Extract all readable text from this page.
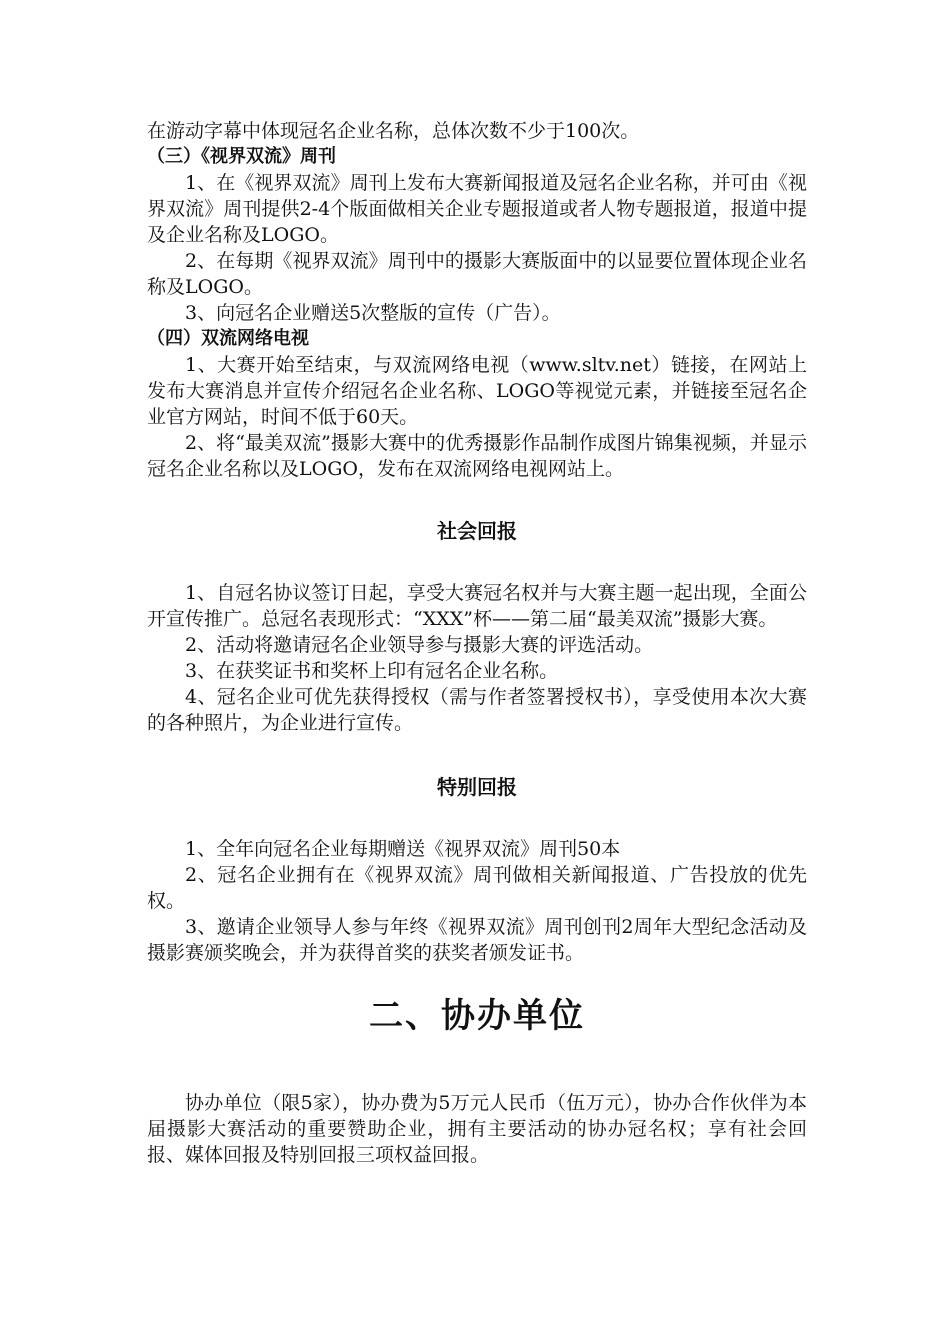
在游动字幕中体现冠名企业名称，总体次数不少于100次。

（三）《视界双流》周刊

1、在《视界双流》周刊上发布大赛新闻报道及冠名企业名称，并可由《视界双流》周刊提供2-4个版面做相关企业专题报道或者人物专题报道，报道中提及企业名称及LOGO。

2、在每期《视界双流》周刊中的摄影大赛版面中的以显要位置体现企业名称及LOGO。

3、向冠名企业赠送5次整版的宣传（广告）。

（四）双流网络电视

1、大赛开始至结束，与双流网络电视（www.sltv.net）链接，在网站上发布大赛消息并宣传介绍冠名企业名称、LOGO等视觉元素，并链接至冠名企业官方网站，时间不低于60天。

2、将“最美双流”摄影大赛中的优秀摄影作品制作成图片锦集视频，并显示冠名企业名称以及LOGO，发布在双流网络电视网站上。

社会回报

1、自冠名协议签订日起，享受大赛冠名权并与大赛主题一起出现，全面公开宣传推广。总冠名表现形式：“XXX”杯——第二届“最美双流”摄影大赛。

2、活动将邀请冠名企业领导参与摄影大赛的评选活动。

3、在获奖证书和奖杯上印有冠名企业名称。

4、冠名企业可优先获得授权（需与作者签署授权书），享受使用本次大赛的各种照片，为企业进行宣传。

特别回报

1、全年向冠名企业每期赠送《视界双流》周刊50本

2、冠名企业拥有在《视界双流》周刊做相关新闻报道、广告投放的优先权。

3、邀请企业领导人参与年终《视界双流》周刊创刊2周年大型纪念活动及摄影赛颁奖晚会，并为获得首奖的获奖者颁发证书。

二、协办单位

协办单位（限5家），协办费为5万元人民币（伍万元），协办合作伙伴为本届摄影大赛活动的重要赞助企业，拥有主要活动的协办冠名权；享有社会回报、媒体回报及特别回报三项权益回报。
